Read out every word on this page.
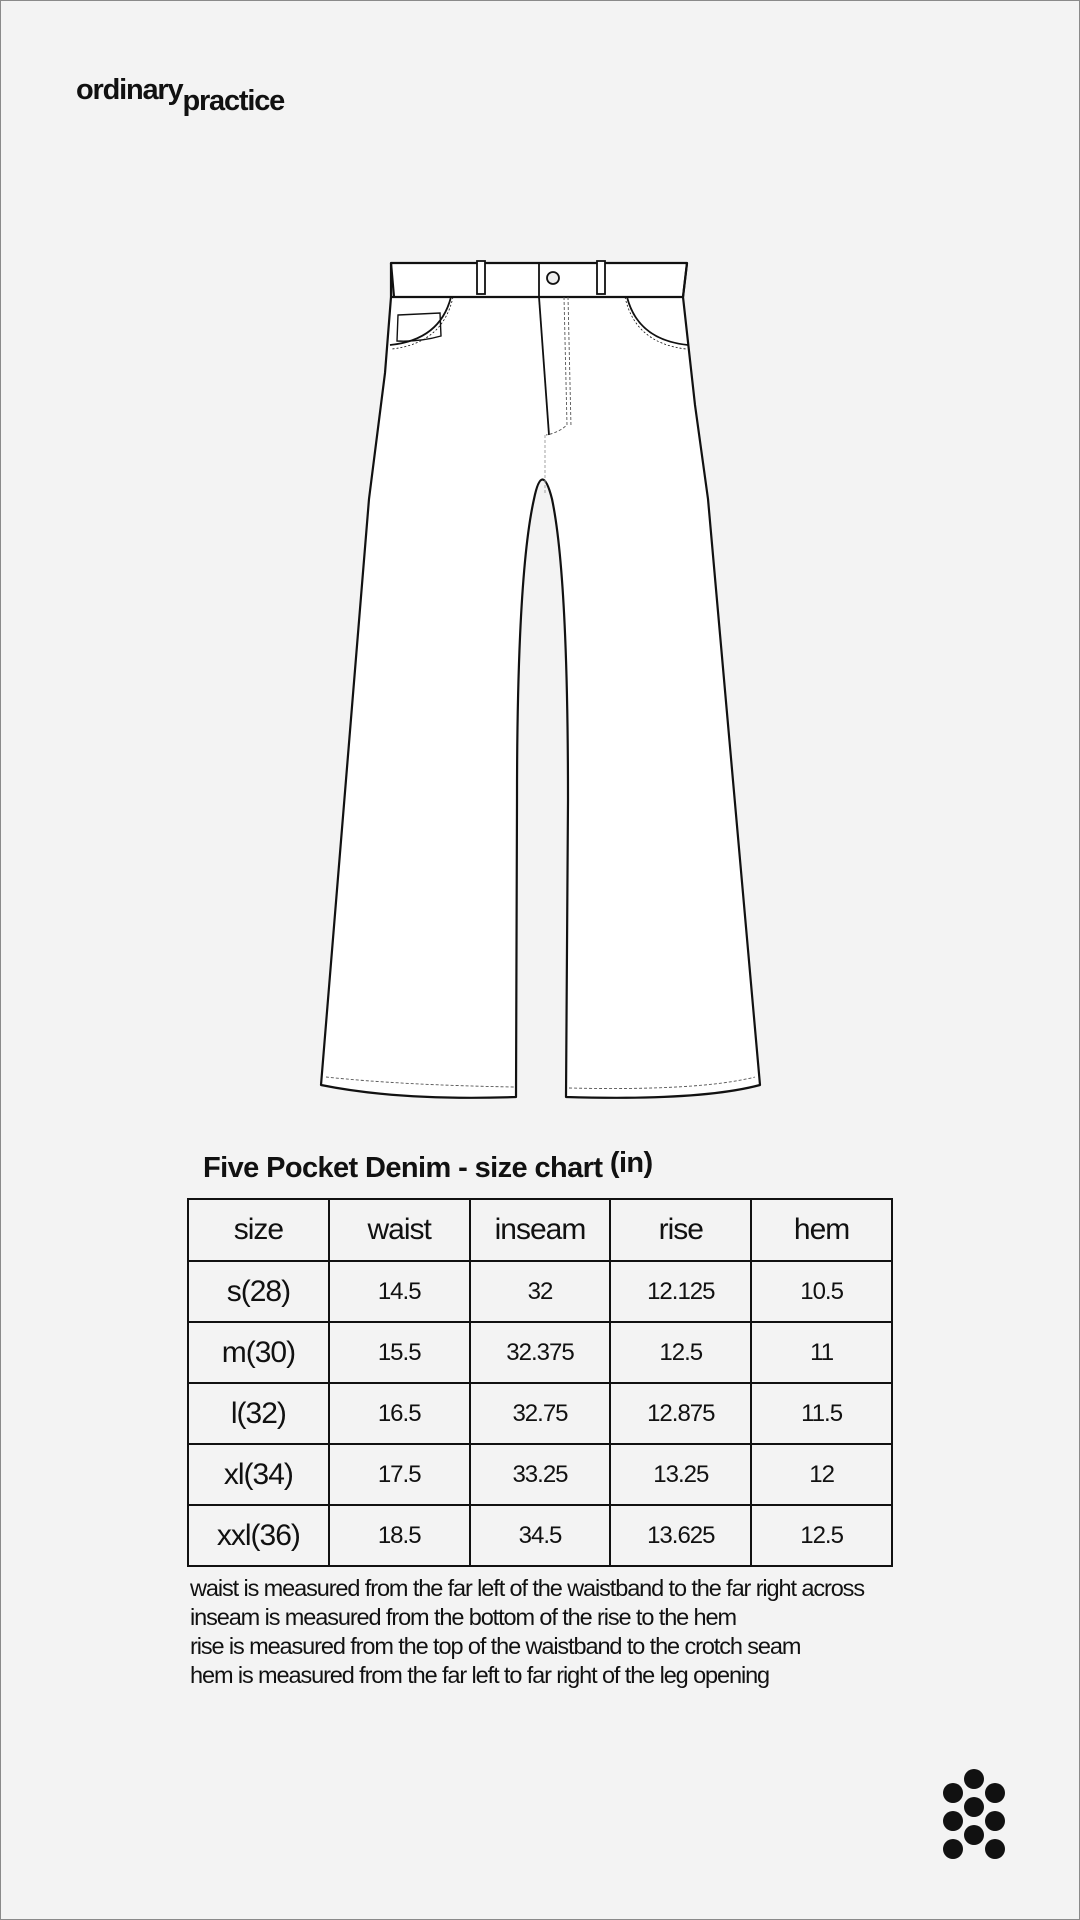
ordinarypractice
Five Pocket Denim - size chart (in)
size	waist	inseam	rise	hem
s(28)	14.5	32	12.125	10.5
m(30)	15.5	32.375	12.5	11
l(32)	16.5	32.75	12.875	11.5
xl(34)	17.5	33.25	13.25	12
xxl(36)	18.5	34.5	13.625	12.5
waist is measured from the far left of the waistband to the far right across
inseam is measured from the bottom of the rise to the hem
rise is measured from the top of the waistband to the crotch seam
hem is measured from the far left to far right of the leg opening
